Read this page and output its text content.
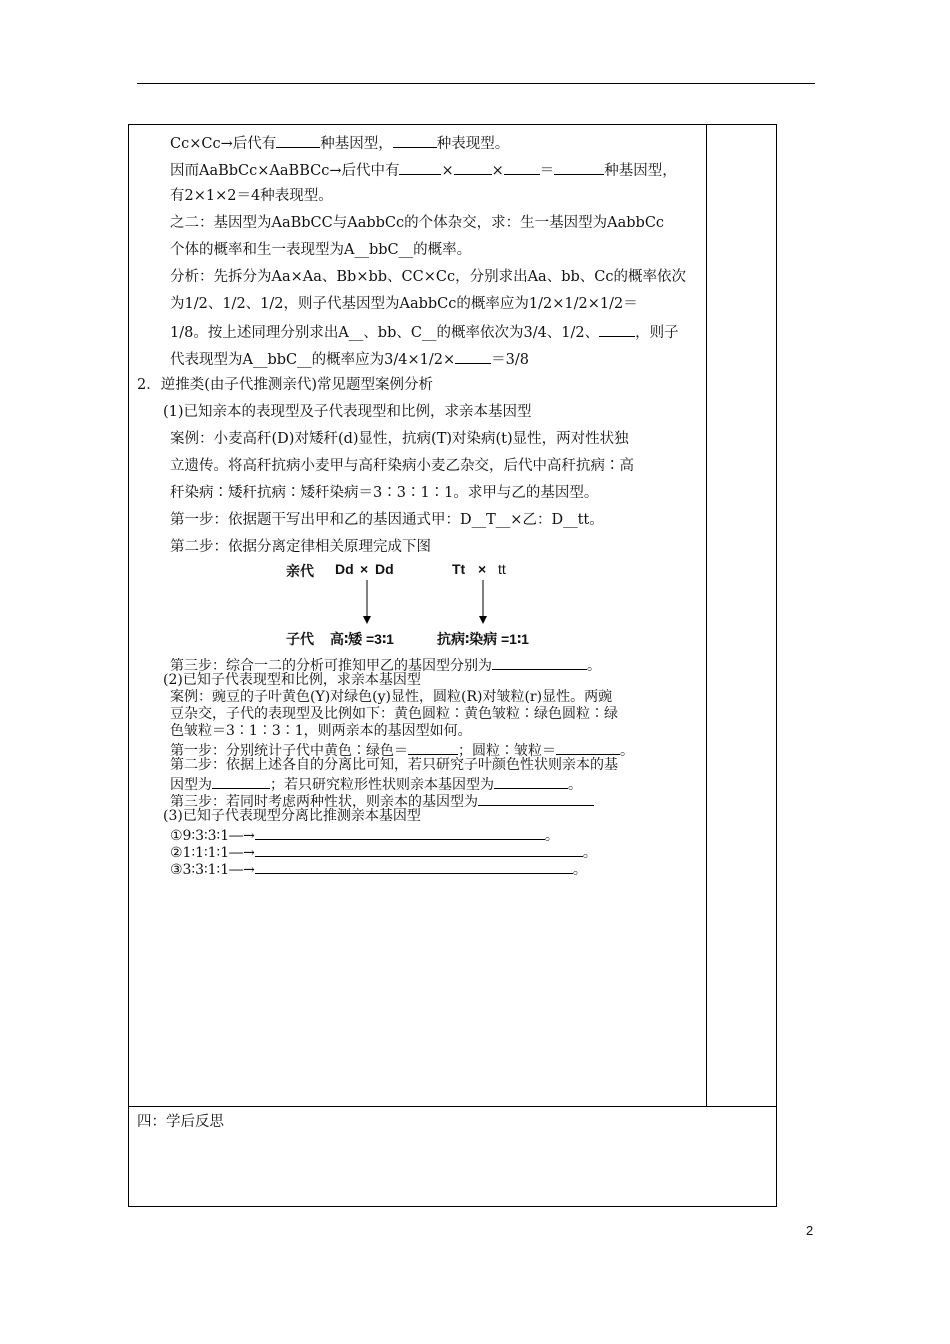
Cc×Cc→后代有	种基因型，	种表现型。
因而AaBbCc×AaBBCc→后代中有	×	× ＝	种基因型，
有2×1×2＝4种表现型。
之二：基因型为AaBbCC与AabbCc的个体杂交，求：生一基因型为AabbCc
个体的概率和生一表现型为A__bbC__的概率。
分析：先拆分为Aa×Aa、Bb×bb、CC×Cc，分别求出Aa、bb、Cc的概率依次
为1/2、1/2、1/2，则子代基因型为AabbCc的概率应为1/2×1/2×1/2＝
1/8。按上述同理分别求出A__、bb、C__的概率依次为3/4、1/2、 ，则子
代表现型为A__bbC__的概率应为3/4×1/2× ＝3/8
2．逆推类(由子代推测亲代)常见题型案例分析
(1)已知亲本的表现型及子代表现型和比例，求亲本基因型
案例：小麦高秆(D)对矮秆(d)显性，抗病(T)对染病(t)显性，两对性状独
立遗传。将高秆抗病小麦甲与高秆染病小麦乙杂交，后代中高秆抗病∶高
秆染病∶矮秆抗病∶矮秆染病＝3∶3∶1∶1。求甲与乙的基因型。
第一步：依据题干写出甲和乙的基因通式甲：D__T__×乙：D__tt。
第二步：依据分离定律相关原理完成下图
亲代 Dd × Dd	Tt × tt
子代 高∶矮 =3∶1	抗病∶染病 =1∶1
第三步：综合一二的分析可推知甲乙的基因型分别为	。
(2)已知子代表现型和比例，求亲本基因型
案例：豌豆的子叶黄色(Y)对绿色(y)显性，圆粒(R)对皱粒(r)显性。两豌
豆杂交，子代的表现型及比例如下：黄色圆粒∶黄色皱粒∶绿色圆粒∶绿
色皱粒＝3∶1∶3∶1，则两亲本的基因型如何。
第一步：分别统计子代中黄色∶绿色＝	；圆粒∶皱粒＝	。
第二步：依据上述各自的分离比可知，若只研究子叶颜色性状则亲本的基
因型为	；若只研究粒形性状则亲本基因型为	。
第三步：若同时考虑两种性状，则亲本的基因型为
(3)已知子代表现型分离比推测亲本基因型
①9∶3∶3∶1―→	。
②1∶1∶1∶1―→	。
③3∶3∶1∶1―→	。
四：学后反思
2
